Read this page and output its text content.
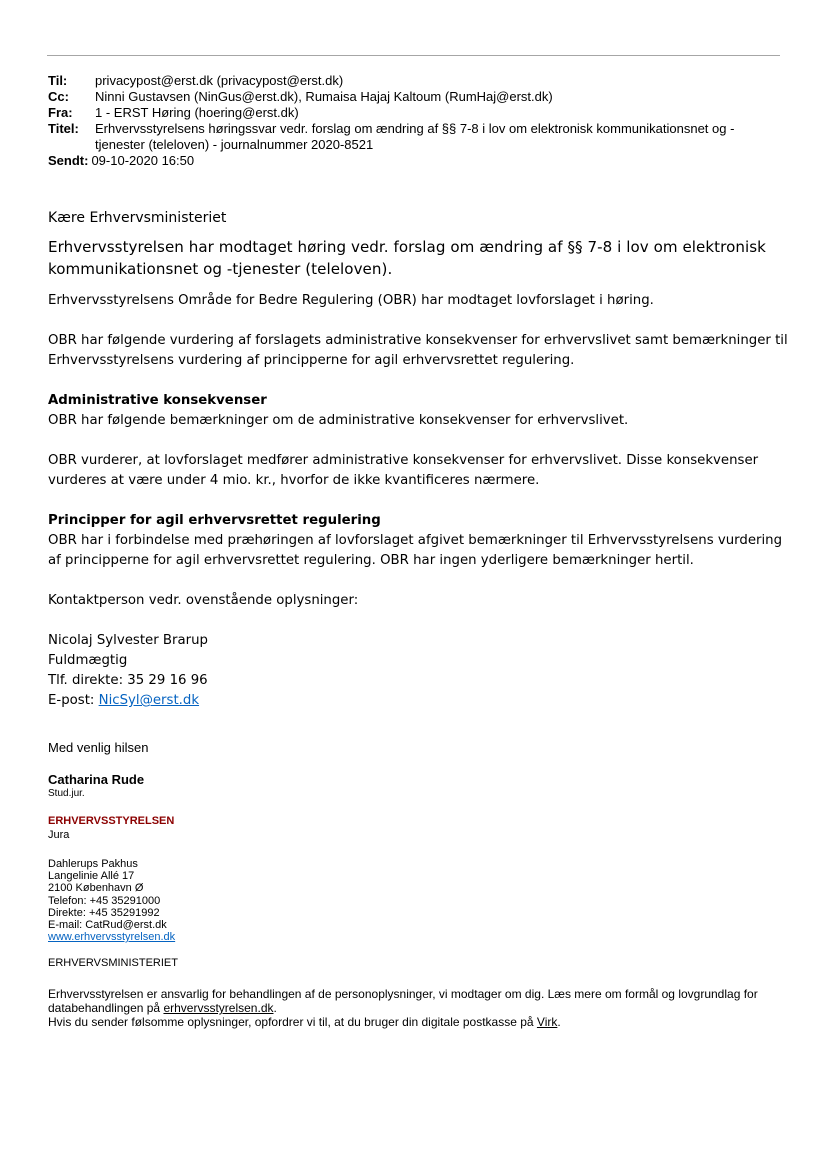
Til:	privacypost@erst.dk (privacypost@erst.dk)
Cc:	Ninni Gustavsen (NinGus@erst.dk), Rumaisa Hajaj Kaltoum (RumHaj@erst.dk)
Fra:	1 - ERST Høring (hoering@erst.dk)
Titel:	Erhvervsstyrelsens høringssvar vedr. forslag om ændring af §§ 7-8 i lov om elektronisk kommunikationsnet og -
tjenester (teleloven) - journalnummer 2020-8521
Sendt: 09-10-2020 16:50

Kære Erhvervsministeriet

Erhvervsstyrelsen har modtaget høring vedr. forslag om ændring af §§ 7-8 i lov om elektronisk kommunikationsnet og -tjenester (teleloven).

Erhvervsstyrelsens Område for Bedre Regulering (OBR) har modtaget lovforslaget i høring.

OBR har følgende vurdering af forslagets administrative konsekvenser for erhvervslivet samt bemærkninger til Erhvervsstyrelsens vurdering af principperne for agil erhvervsrettet regulering.

Administrative konsekvenser

OBR har følgende bemærkninger om de administrative konsekvenser for erhvervslivet.

OBR vurderer, at lovforslaget medfører administrative konsekvenser for erhvervslivet. Disse konsekvenser vurderes at være under 4 mio. kr., hvorfor de ikke kvantificeres nærmere.

Principper for agil erhvervsrettet regulering

OBR har i forbindelse med præhøringen af lovforslaget afgivet bemærkninger til Erhvervsstyrelsens vurdering af principperne for agil erhvervsrettet regulering. OBR har ingen yderligere bemærkninger hertil.

Kontaktperson vedr. ovenstående oplysninger:

Nicolaj Sylvester Brarup

Fuldmægtig

Tlf. direkte: 35 29 16 96

E-post: NicSyl@erst.dk

Med venlig hilsen

Catharina Rude

Stud.jur.

ERHVERVSSTYRELSEN

Jura

Dahlerups Pakhus

Langelinie Allé 17

2100 København Ø

Telefon: +45 35291000

Direkte: +45 35291992

E-mail: CatRud@erst.dk

www.erhvervsstyrelsen.dk

ERHVERVSMINISTERIET

Erhvervsstyrelsen er ansvarlig for behandlingen af de personoplysninger, vi modtager om dig. Læs mere om formål og lovgrundlag for databehandlingen på erhvervsstyrelsen.dk.

Hvis du sender følsomme oplysninger, opfordrer vi til, at du bruger din digitale postkasse på Virk.
